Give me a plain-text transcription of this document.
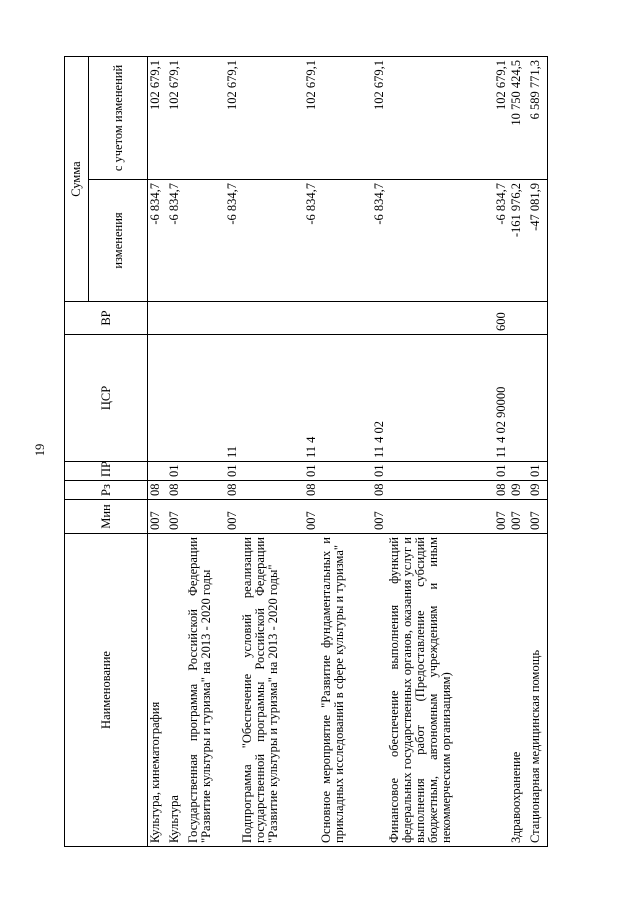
19
Наименование	Мин	Рз	ПР	ЦСР	ВР	Сумма	
						изменения	с учетом изменений
Культура, кинематография	007	08				-6 834,7	102 679,1
Культура	007	08	01			-6 834,7	102 679,1
Государственная программа Российской Федерации "Развитие культуры и туризма" на 2013 - 2020 годы	007	08	01	11		-6 834,7	102 679,1
Подпрограмма "Обеспечение условий реализации государственной программы Российской Федерации "Развитие культуры и туризма" на 2013 - 2020 годы"	007	08	01	11 4		-6 834,7	102 679,1
Основное мероприятие "Развитие фундаментальных и прикладных исследований в сфере культуры и туризма"	007	08	01	11 4 02		-6 834,7	102 679,1
Финансовое обеспечение выполнения функций федеральных государственных органов, оказания услуг и выполнения работ (Предоставление субсидий бюджетным, автономным учреждениям и иным некоммерческим организациям)	007	08	01	11 4 02 90000	600	-6 834,7	102 679,1
Здравоохранение	007	09				-161 976,2	10 750 424,5
Стационарная медицинская помощь	007	09	01			-47 081,9	6 589 771,3
